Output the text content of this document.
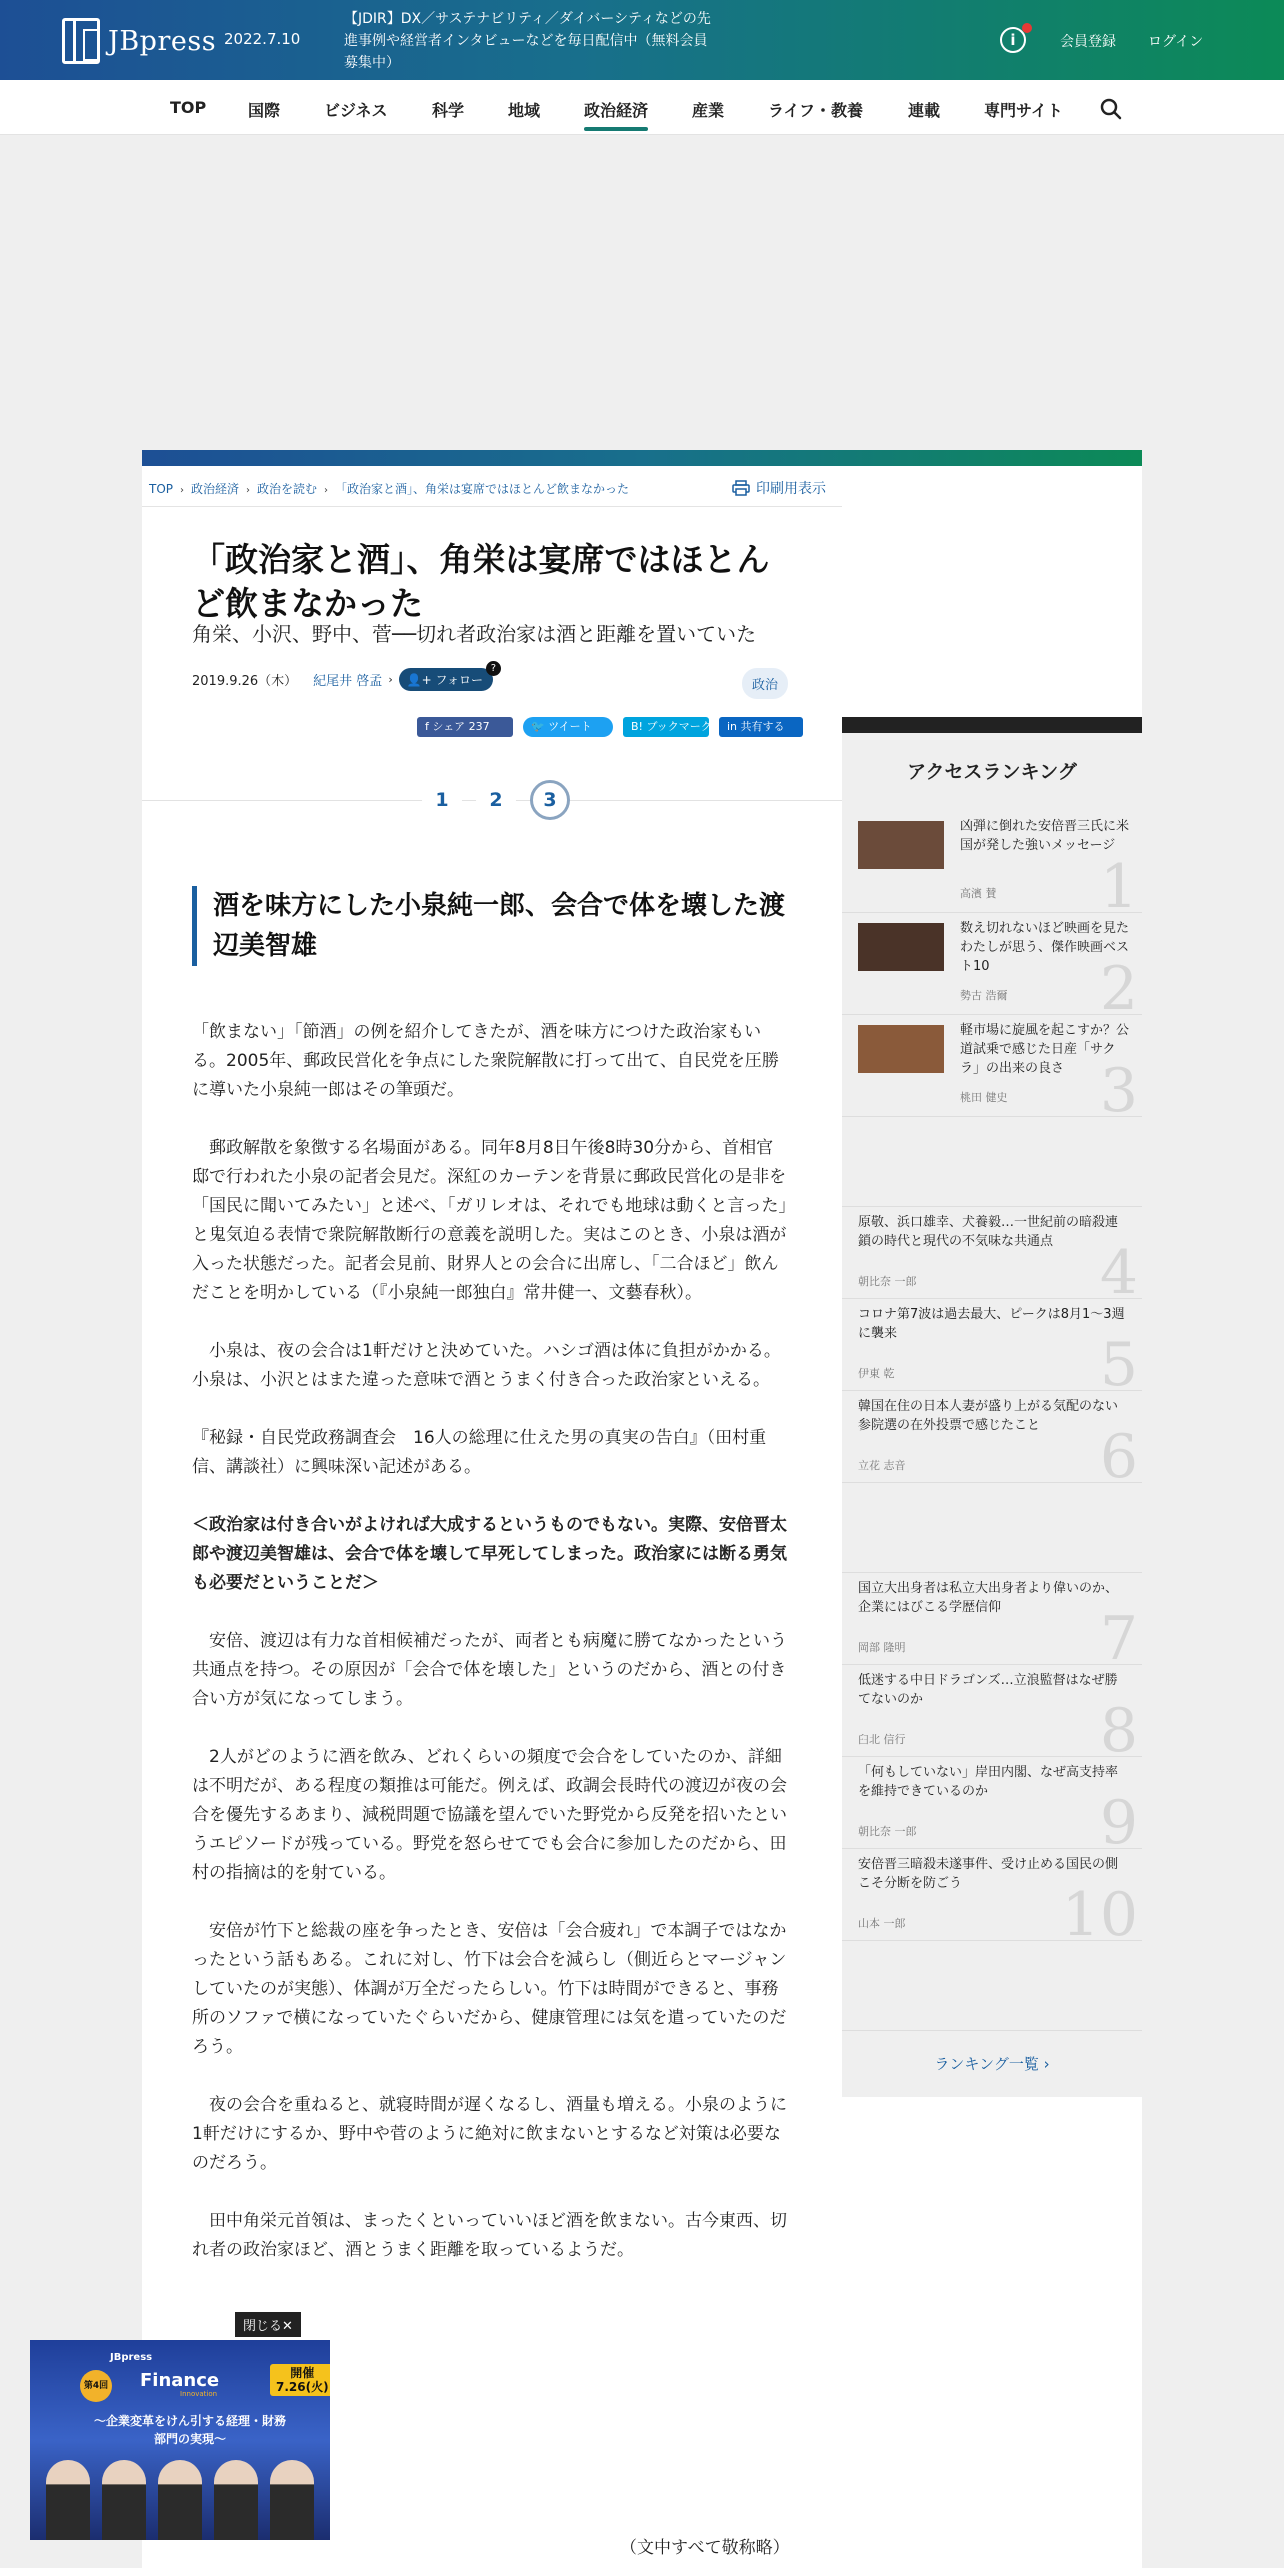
JBpress 2022.7.10
【JDIR】DX／サステナビリティ／ダイバーシティなどの先進事例や経営者インタビューなどを毎日配信中（無料会員募集中）
i	会員登録 ログイン
TOP	国際	ビジネス	科学	地域	政治経済	産業	ライフ・教養	連載	専門サイト
TOP › 政治経済 › 政治を読む › 「政治家と酒」、角栄は宴席ではほとんど飲まなかった	印刷用表示
「政治家と酒」、角栄は宴席ではほとんど飲まなかった
角栄、小沢、野中、菅──切れ者政治家は酒と距離を置いていた
2019.9.26（木） 紀尾井 啓孟 ›	👤+ フォロー
?
政治
f シェア 237	🐦 ツイート	B! ブックマーク	in 共有する
1	2	3
酒を味方にした小泉純一郎、会合で体を壊した渡辺美智雄

「飲まない」「節酒」の例を紹介してきたが、酒を味方につけた政治家もいる。2005年、郵政民営化を争点にした衆院解散に打って出て、自民党を圧勝に導いた小泉純一郎はその筆頭だ。

郵政解散を象徴する名場面がある。同年8月8日午後8時30分から、首相官邸で行われた小泉の記者会見だ。深紅のカーテンを背景に郵政民営化の是非を「国民に聞いてみたい」と述べ、「ガリレオは、それでも地球は動くと言った」と鬼気迫る表情で衆院解散断行の意義を説明した。実はこのとき、小泉は酒が入った状態だった。記者会見前、財界人との会合に出席し、「二合ほど」飲んだことを明かしている（『小泉純一郎独白』常井健一、文藝春秋）。

小泉は、夜の会合は1軒だけと決めていた。ハシゴ酒は体に負担がかかる。小泉は、小沢とはまた違った意味で酒とうまく付き合った政治家といえる。

『秘録・自民党政務調査会　16人の総理に仕えた男の真実の告白』（田村重信、講談社）に興味深い記述がある。

＜政治家は付き合いがよければ大成するというものでもない。実際、安倍晋太郎や渡辺美智雄は、会合で体を壊して早死してしまった。政治家には断る勇気も必要だということだ＞

安倍、渡辺は有力な首相候補だったが、両者とも病魔に勝てなかったという共通点を持つ。その原因が「会合で体を壊した」というのだから、酒との付き合い方が気になってしまう。

2人がどのように酒を飲み、どれくらいの頻度で会合をしていたのか、詳細は不明だが、ある程度の類推は可能だ。例えば、政調会長時代の渡辺が夜の会合を優先するあまり、減税問題で協議を望んでいた野党から反発を招いたというエピソードが残っている。野党を怒らせてでも会合に参加したのだから、田村の指摘は的を射ている。

安倍が竹下と総裁の座を争ったとき、安倍は「会合疲れ」で本調子ではなかったという話もある。これに対し、竹下は会合を減らし（側近らとマージャンしていたのが実態）、体調が万全だったらしい。竹下は時間ができると、事務所のソファで横になっていたぐらいだから、健康管理には気を遣っていたのだろう。

夜の会合を重ねると、就寝時間が遅くなるし、酒量も増える。小泉のように1軒だけにするか、野中や菅のように絶対に飲まないとするなど対策は必要なのだろう。

田中角栄元首領は、まったくといっていいほど酒を飲まない。古今東西、切れ者の政治家ほど、酒とうまく距離を取っているようだ。

（文中すべて敬称略）
アクセスランキング
凶弾に倒れた安倍晋三氏に米国が発した強いメッセージ
高濱 賛 1
数え切れないほど映画を見たわたしが思う、傑作映画ベスト10
勢古 浩爾 2
軽市場に旋風を起こすか？公道試乗で感じた日産「サクラ」の出来の良さ
桃田 健史 3
原敬、浜口雄幸、犬養毅…一世紀前の暗殺連鎖の時代と現代の不気味な共通点
朝比奈 一郎	4
コロナ第7波は過去最大、ピークは8月1～3週に襲来
伊東 乾	5
韓国在住の日本人妻が盛り上がる気配のない参院選の在外投票で感じたこと
立花 志音	6
国立大出身者は私立大出身者より偉いのか、企業にはびこる学歴信仰
岡部 隆明	7
低迷する中日ドラゴンズ…立浪監督はなぜ勝てないのか
臼北 信行	8
「何もしていない」岸田内閣、なぜ高支持率を維持できているのか
朝比奈 一郎	9
安倍晋三暗殺未遂事件、受け止める国民の側こそ分断を防ごう
山本 一郎	10
ランキング一覧 ›
閉じる✕
JBpress
第4回 Finance
Innovation
開催
7.26(火)
〜企業変革をけん引する経理・財務部門の実現〜
